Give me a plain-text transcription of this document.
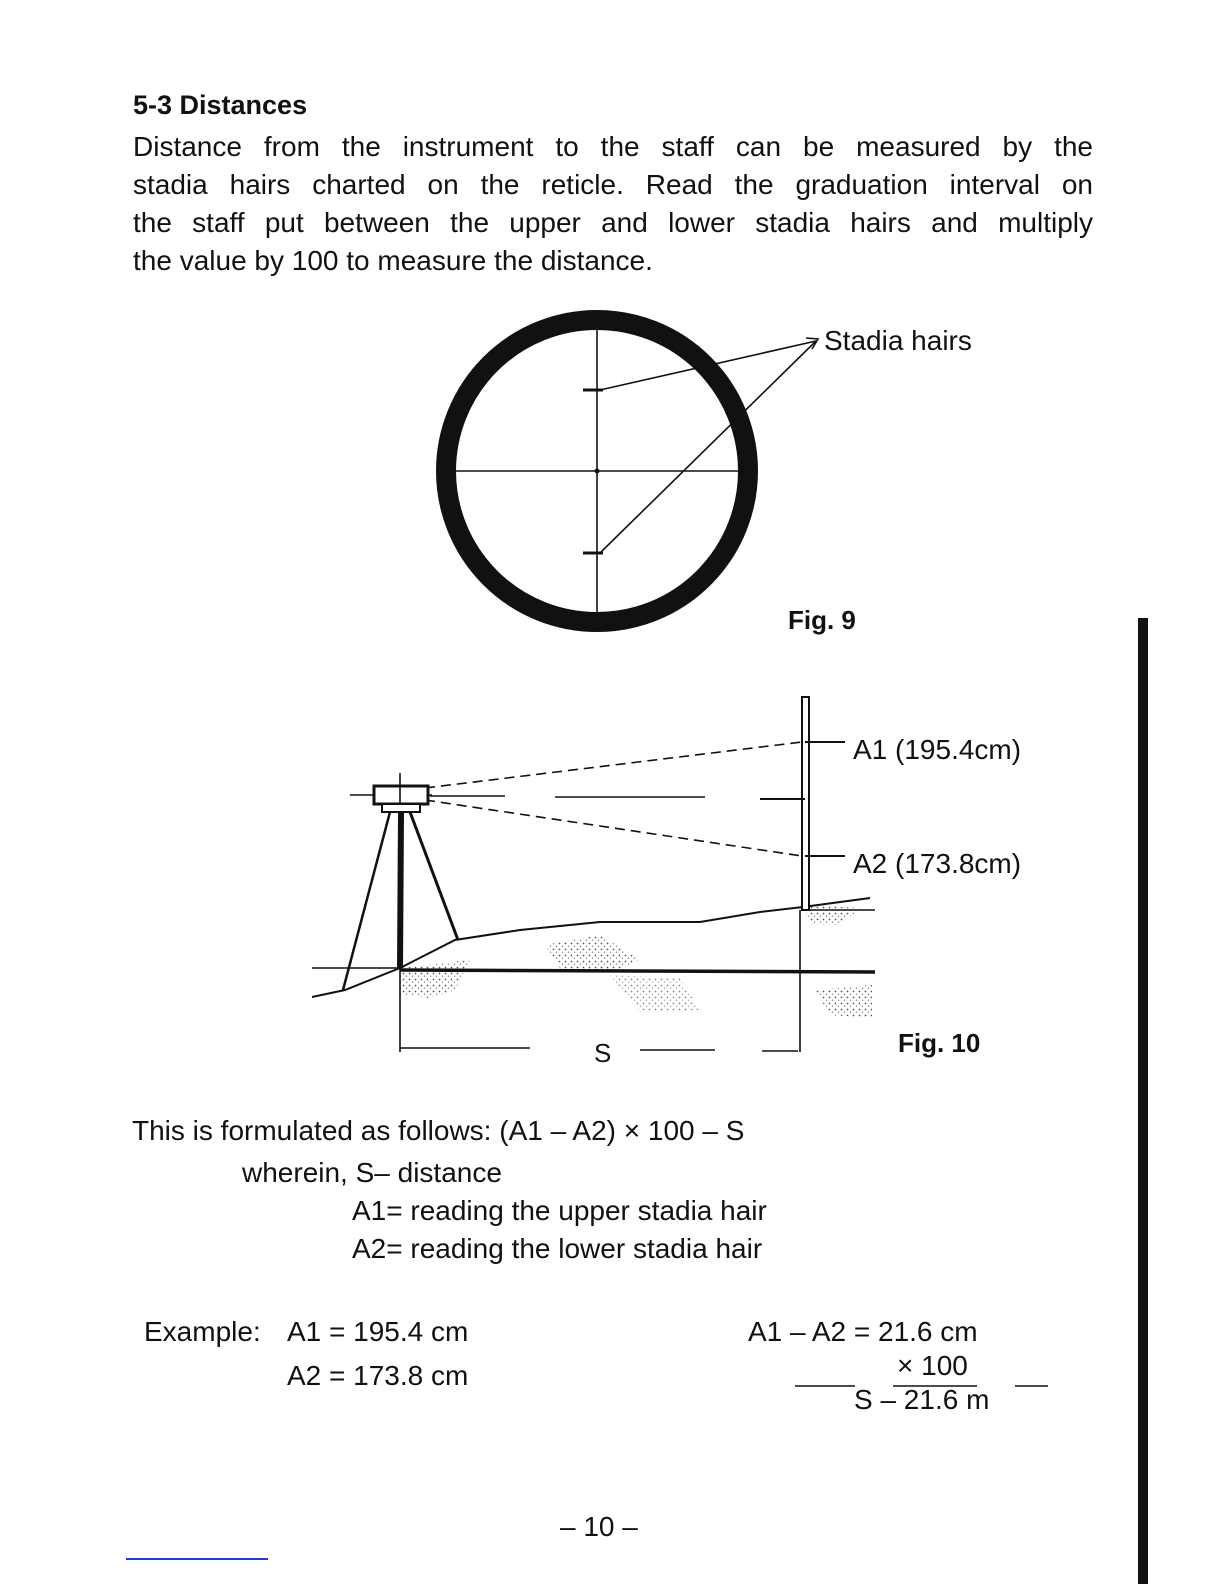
5-3 Distances
Distance from the instrument to the staff can be measured by the
stadia hairs charted on the reticle. Read the graduation interval on
the staff put between the upper and lower stadia hairs and multiply
the value by 100 to measure the distance.
Stadia hairs
Fig. 9
A1 (195.4cm)
A2 (173.8cm)
S	Fig. 10
This is formulated as follows: (A1 – A2) × 100 – S
wherein, S– distance
A1= reading the upper stadia hair
A2= reading the lower stadia hair
Example: A1 = 195.4 cm
A2 = 173.8 cm
A1 – A2 = 21.6 cm
× 100
S – 21.6 m
– 10 –
